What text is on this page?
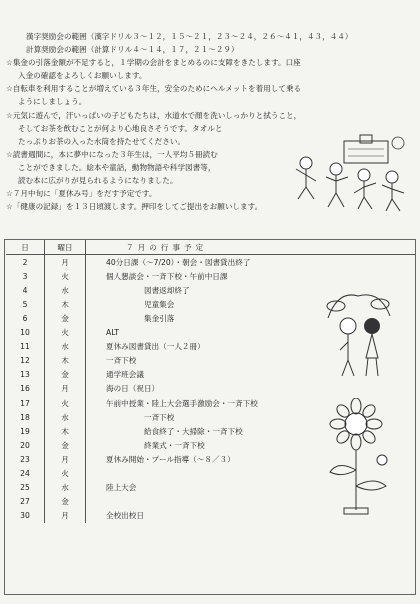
漢字奨励会の範囲（漢字ドリル３～１２，１５～２１，２３～２４，２６～４１，４３，４４）
計算奨励会の範囲（計算ドリル４～１４，１７，２１～２９）
☆ 集金の引落金額が不足すると，１学期の会計をまとめるのに支障をきたします。口座
入金の確認をよろしくお願いします。
☆ 自転車を利用することが増えている３年生，安全のためにヘルメットを着用して乗る
ようにしましょう。
☆ 元気に遊んで，汗いっぱいの子どもたちは，水道水で顔を洗いしっかりと拭うこと，
そしてお茶を飲むことが何より心地良さそうです。タオルと
たっぷりお茶の入った水筒を持たせてください。
☆ 読書週間に，本に夢中になった３年生は，一人平均５冊読む
ことができました。絵本や童話，動物物語や科学図書等，
読む本に広がりが見られるようになりました。
☆ ７月中旬に「夏休み号」をだす予定です。
☆ 「健康の記録」を１３日頃渡します。押印をしてご提出をお願いします。
日	曜日	７月の行事予定
2	月	40分日課（～7/20）・朝会・図書貸出終了
3	火	個人懇談会・一斉下校・午前中日課
4	水	図書返却終了
5	木	児童集会
6	金	集金引落
10	火	ALT
11	水	夏休み図書貸出（一人２冊）
12	木	一斉下校
13	金	通学班会議
16	月	海の日（祝日）
17	火	午前中授業・陸上大会選手激励会・一斉下校
18	水	一斉下校
19	木	給食終了・大掃除・一斉下校
20	金	終業式・一斉下校
23	月	夏休み開始・プール指導（～８／３）
24	火	
25	水	陸上大会
27	金	
30	月	全校出校日
